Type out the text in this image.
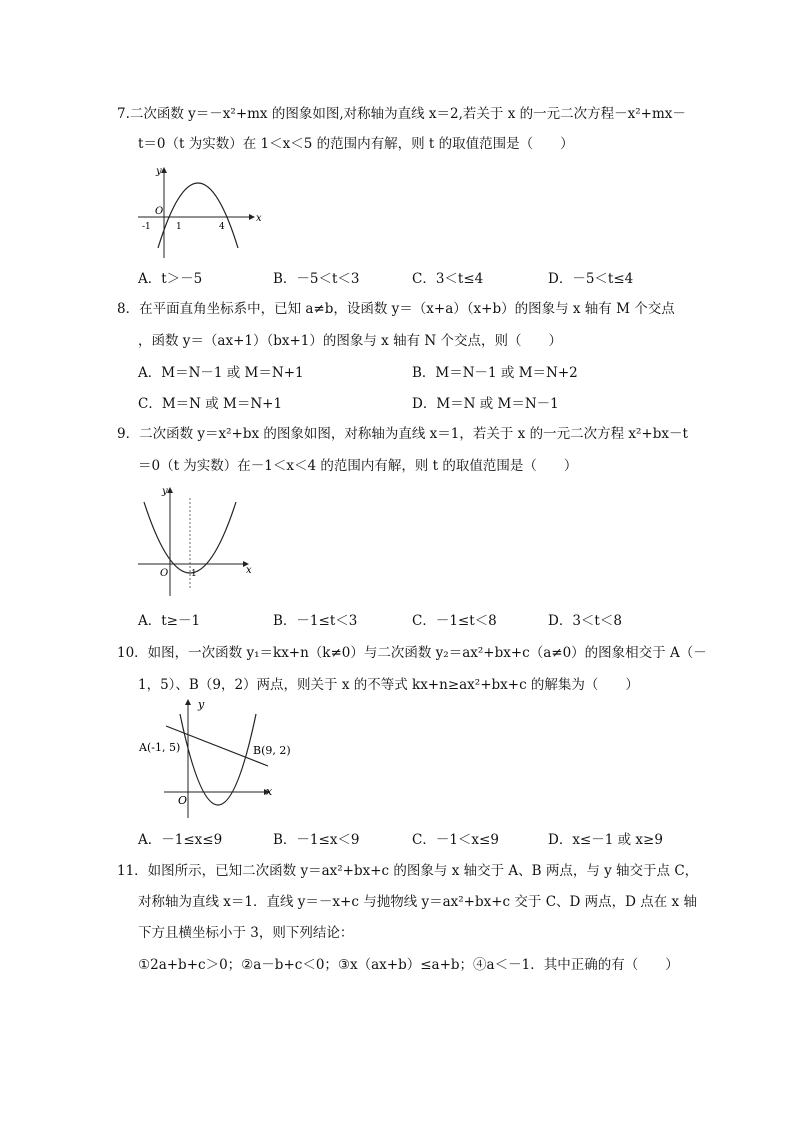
7.二次函数 y＝－x²+mx 的图象如图,对称轴为直线 x＝2,若关于 x 的一元二次方程－x²+mx－
t＝0（t 为实数）在 1＜x＜5 的范围内有解，则 t 的取值范围是（　　）
y
x
O
-1	1	4
A．t＞－5	B．－5＜t＜3	C．3＜t≤4	D．－5＜t≤4
8．在平面直角坐标系中，已知 a≠b，设函数 y＝（x+a）（x+b）的图象与 x 轴有 M 个交点
，函数 y＝（ax+1）（bx+1）的图象与 x 轴有 N 个交点，则（　　）
A．M＝N－1 或 M＝N+1	B．M＝N－1 或 M＝N+2
C．M＝N 或 M＝N+1	D．M＝N 或 M＝N－1
9．二次函数 y＝x²+bx 的图象如图，对称轴为直线 x＝1，若关于 x 的一元二次方程 x²+bx－t
＝0（t 为实数）在－1＜x＜4 的范围内有解，则 t 的取值范围是（　　）
y
x
O	1
A．t≥－1	B．－1≤t＜3	C．－1≤t＜8	D．3＜t＜8
10．如图，一次函数 y₁＝kx+n（k≠0）与二次函数 y₂＝ax²+bx+c（a≠0）的图象相交于 A（－
1，5）、B（9，2）两点，则关于 x 的不等式 kx+n≥ax²+bx+c 的解集为（　　）
y
x
O
A(-1, 5)	B(9, 2)
A．－1≤x≤9	B．－1≤x＜9	C．－1＜x≤9	D．x≤－1 或 x≥9
11．如图所示，已知二次函数 y＝ax²+bx+c 的图象与 x 轴交于 A、B 两点，与 y 轴交于点 C，
对称轴为直线 x＝1．直线 y＝－x+c 与抛物线 y＝ax²+bx+c 交于 C、D 两点，D 点在 x 轴
下方且横坐标小于 3，则下列结论：
①2a+b+c＞0；②a－b+c＜0；③x（ax+b）≤a+b；④a＜－1．其中正确的有（　　）
